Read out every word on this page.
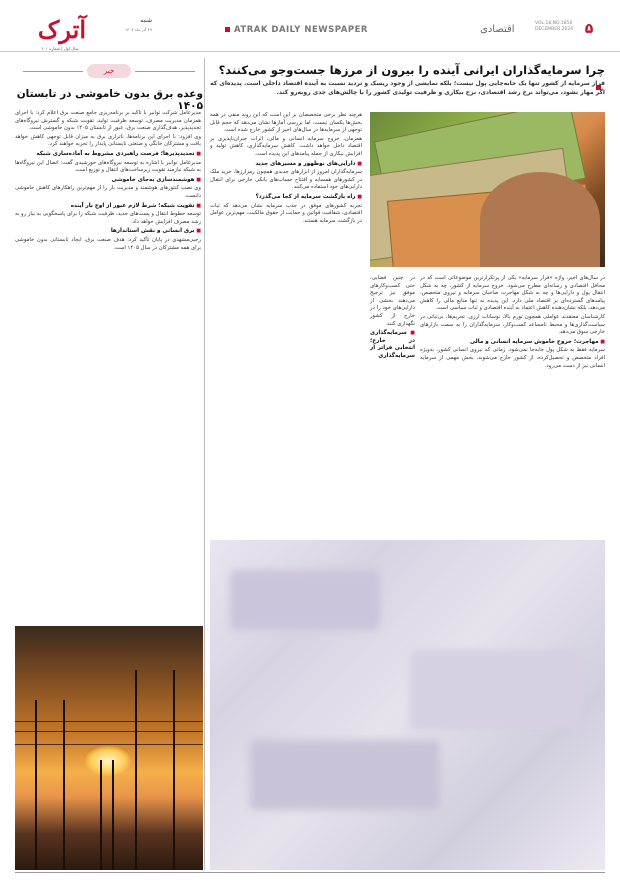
آترک
سال اول | شماره ۲۰۱
شنبه
۲۹ آذر ماه ۱۴۰۳	ATRAK DAILY NEWSPAPER	اقتصادی
VOL.18,NO.1858
DECEMBER 2024 ۵
چرا سرمایه‌گذاران ایرانی آینده را بیرون از مرزها جست‌وجو می‌کنند؟
فرار سرمایه از کشور تنها یک جابه‌جایی پول نیست؛ بلکه نمایشی از وجود ریسک و تردید نسبت به آینده اقتصاد داخلی است. پدیده‌ای که اگر مهار نشود، می‌تواند نرخ رشد اقتصادی، نرخ بیکاری و ظرفیت تولیدی کشور را با چالش‌های جدی روبه‌رو کند.

در سال‌های اخیر، واژه «فرار سرمایه» یکی از پرتکرارترین موضوعاتی است که در محافل اقتصادی و رسانه‌ای مطرح می‌شود. خروج سرمایه از کشور، چه به شکل انتقال پول و دارایی‌ها و چه به شکل مهاجرت صاحبان سرمایه و نیروی متخصص، پیامدهای گسترده‌ای بر اقتصاد ملی دارد. این پدیده نه تنها منابع مالی را کاهش می‌دهد، بلکه نشان‌دهنده کاهش اعتماد به آینده اقتصادی و ثبات سیاسی است.

کارشناسان معتقدند عواملی همچون تورم بالا، نوسانات ارزی، تحریم‌ها، بی‌ثباتی در سیاست‌گذاری‌ها و محیط نامساعد کسب‌وکار، سرمایه‌گذاران را به سمت بازارهای خارجی سوق می‌دهد.

■ مهاجرت؛ خروج خاموش سرمایه انسانی و مالی

سرمایه فقط به شکل پول جابه‌جا نمی‌شود. زمانی که نیروی انسانی کشور، به‌ویژه افراد متخصص و تحصیل‌کرده، از کشور خارج می‌شوند، بخش مهمی از سرمایه انسانی نیز از دست می‌رود.

هرچند نظر برخی متخصصان بر این است که این روند منفی در همه بخش‌ها یکسان نیست، اما بررسی آمارها نشان می‌دهد که حجم قابل توجهی از سرمایه‌ها در سال‌های اخیر از کشور خارج شده است.

همزمان، خروج سرمایه انسانی و مالی، اثرات جبران‌ناپذیری بر اقتصاد داخل خواهد داشت. کاهش سرمایه‌گذاری، کاهش تولید و افزایش بیکاری از جمله پیامدهای این پدیده است.

■ دارایی‌های نوظهور و مسیرهای جدید

سرمایه‌گذاران امروز از ابزارهای جدیدی همچون رمزارزها، خرید ملک در کشورهای همسایه و افتتاح حساب‌های بانکی خارجی برای انتقال دارایی‌های خود استفاده می‌کنند.

■ راه بازگشت سرمایه از کجا می‌گذرد؟

تجربه کشورهای موفق در جذب سرمایه نشان می‌دهد که ثبات اقتصادی، شفافیت قوانین و حمایت از حقوق مالکیت، مهم‌ترین عوامل در بازگشت سرمایه هستند.

در چنین فضایی، حتی کسب‌وکارهای موفق نیز ترجیح می‌دهند بخشی از دارایی‌های خود را در خارج از کشور نگهداری کنند.

■ سرمایه‌گذاری در خارج؛ انتخابی فراتر از سرمایه‌گذاری
خبر
وعده برق بدون خاموشی در تابستان ۱۴۰۵

مدیرعامل شرکت توانیر با تأکید بر برنامه‌ریزی جامع صنعت برق اعلام کرد: با اجرای همزمان مدیریت مصرف، توسعه ظرفیت تولید، تقویت شبکه و گسترش نیروگاه‌های تجدیدپذیر، هدف‌گذاری صنعت برق، عبور از تابستان ۱۴۰۵ بدون خاموشی است.

وی افزود: با اجرای این برنامه‌ها، ناترازی برق به میزان قابل توجهی کاهش خواهد یافت و مشترکان خانگی و صنعتی تابستانی پایدار را تجربه خواهند کرد.

■ تجدیدپذیرها؛ فرصت راهبردی مشروط به آماده‌سازی شبکه

مدیرعامل توانیر با اشاره به توسعه نیروگاه‌های خورشیدی گفت: اتصال این نیروگاه‌ها به شبکه نیازمند تقویت زیرساخت‌های انتقال و توزیع است.

■ هوشمندسازی به‌جای خاموشی

وی نصب کنتورهای هوشمند و مدیریت بار را از مهم‌ترین راهکارهای کاهش خاموشی دانست.

■ تقویت شبکه؛ شرط لازم عبور از اوج بار آینده

توسعه خطوط انتقال و پست‌های جدید، ظرفیت شبکه را برای پاسخگویی به نیاز رو به رشد مصرف افزایش خواهد داد.

■ برق انسانی و نقش استاندارها

رجبی‌مشهدی در پایان تأکید کرد: هدف صنعت برق، ایجاد تابستانی بدون خاموشی برای همه مشترکان در سال ۱۴۰۵ است.
